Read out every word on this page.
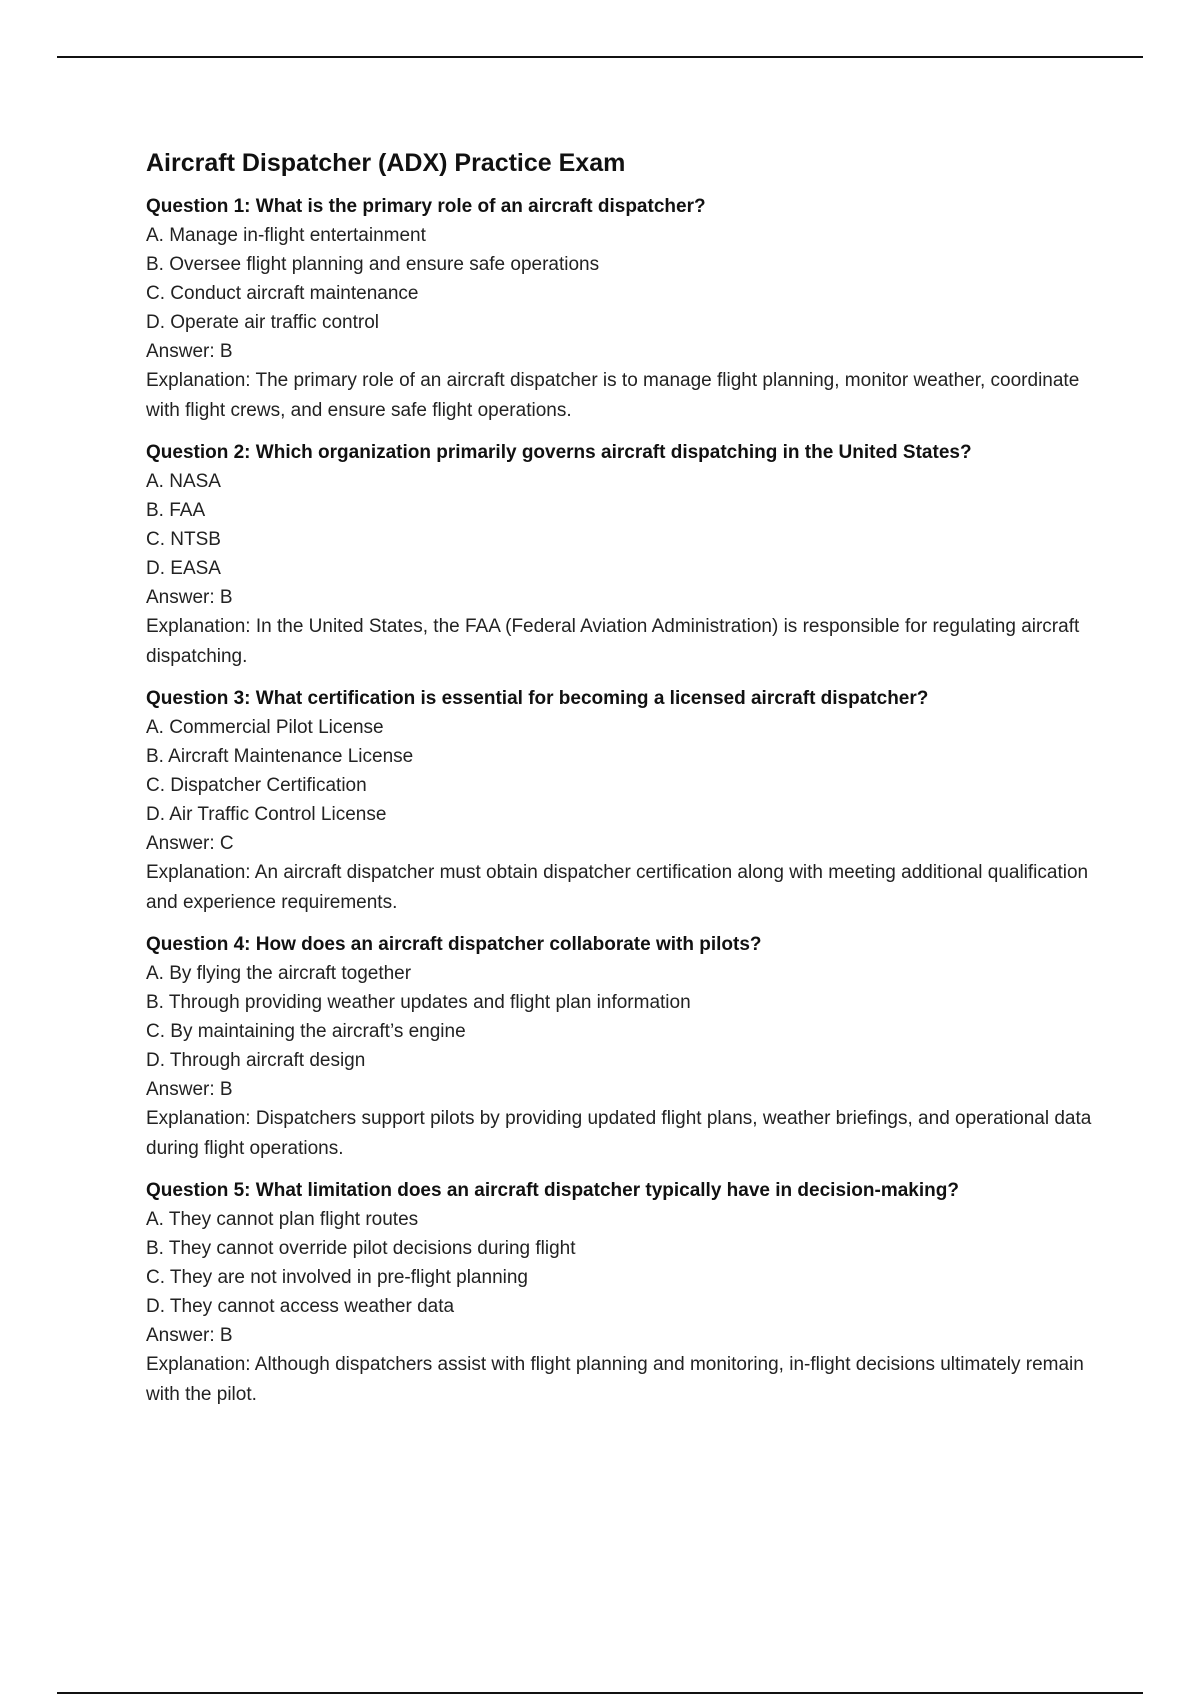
Aircraft Dispatcher (ADX) Practice Exam
Question 1: What is the primary role of an aircraft dispatcher?
A. Manage in-flight entertainment
B. Oversee flight planning and ensure safe operations
C. Conduct aircraft maintenance
D. Operate air traffic control
Answer: B
Explanation: The primary role of an aircraft dispatcher is to manage flight planning, monitor weather, coordinate with flight crews, and ensure safe flight operations.
Question 2: Which organization primarily governs aircraft dispatching in the United States?
A. NASA
B. FAA
C. NTSB
D. EASA
Answer: B
Explanation: In the United States, the FAA (Federal Aviation Administration) is responsible for regulating aircraft dispatching.
Question 3: What certification is essential for becoming a licensed aircraft dispatcher?
A. Commercial Pilot License
B. Aircraft Maintenance License
C. Dispatcher Certification
D. Air Traffic Control License
Answer: C
Explanation: An aircraft dispatcher must obtain dispatcher certification along with meeting additional qualification and experience requirements.
Question 4: How does an aircraft dispatcher collaborate with pilots?
A. By flying the aircraft together
B. Through providing weather updates and flight plan information
C. By maintaining the aircraft’s engine
D. Through aircraft design
Answer: B
Explanation: Dispatchers support pilots by providing updated flight plans, weather briefings, and operational data during flight operations.
Question 5: What limitation does an aircraft dispatcher typically have in decision-making?
A. They cannot plan flight routes
B. They cannot override pilot decisions during flight
C. They are not involved in pre-flight planning
D. They cannot access weather data
Answer: B
Explanation: Although dispatchers assist with flight planning and monitoring, in-flight decisions ultimately remain with the pilot.
